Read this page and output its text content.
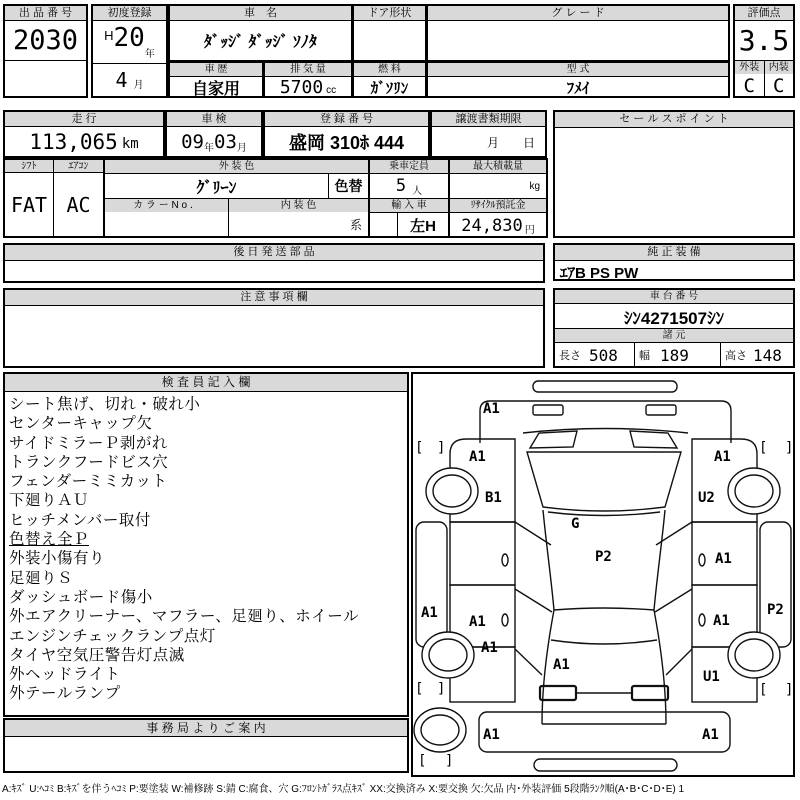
出 品 番 号
2030
初度登録
H 20
年
4 月
車　名
ﾀﾞｯｼﾞ ﾀﾞｯｼﾞ ｿﾉﾀ
ドア形状	グ レ ー ド	評価点
3.5
外装 内装
C C
車 歴
自家用
排 気 量
5700 cc
燃 料
ｶﾞｿﾘﾝ
型 式
ﾌﾒｲ
走 行
113,065 km
車 検
09 年 03 月
登 録 番 号
盛岡 310ﾎ 444
譲渡書類期限
月　　日
セ ー ル ス ポ イ ン ト
ｼﾌﾄ	ｴｱｺﾝ
FAT AC
外 装 色
ｸﾞﾘｰﾝ	色替
カ ラ ー N o ．	内 装 色
系
乗車定員
5 人
輸 入 車
左H
最大積載量
kg
ﾘｻｲｸﾙ預託金
24,830 円
後 日 発 送 部 品	純 正 装 備
ｴｱB PS PW
注 意 事 項 欄	車 台 番 号
ｼﾝ4271507ｼﾝ
諸 元
長さ 508 幅 189	高さ 148
検 査 員 記 入 欄
シート焦げ、切れ・破れ小
センターキャップ欠
サイドミラーＰ剥がれ
トランクフードビス穴
フェンダーミミカット
下廻りＡＵ
ヒッチメンバー取付
色替え全Ｐ
外装小傷有り
足廻りＳ
ダッシュボード傷小
外エアクリーナー、マフラー、足廻り、ホイール
エンジンチェックランプ点灯
タイヤ空気圧警告灯点滅
外ヘッドライト
外テールランプ
事 務 局 よ り ご 案 内
A1
A1	A1
B1	U2
G
P2	A1
A1
A1	A1
P2
A1
A1
U1
A1	A1
[ ]	[ ]
[ ]	[ ]
[ ]
A:ｷｽﾞ U:ﾍｺﾐ B:ｷｽﾞを伴うﾍｺﾐ P:要塗装 W:補修跡 S:錆 C:腐食、穴 G:ﾌﾛﾝﾄｶﾞﾗｽ点ｷｽﾞ XX:交換済み X:要交換 欠:欠品 内･外装評価 5段階ﾗﾝｸ順(A･B･C･D･E) 1
